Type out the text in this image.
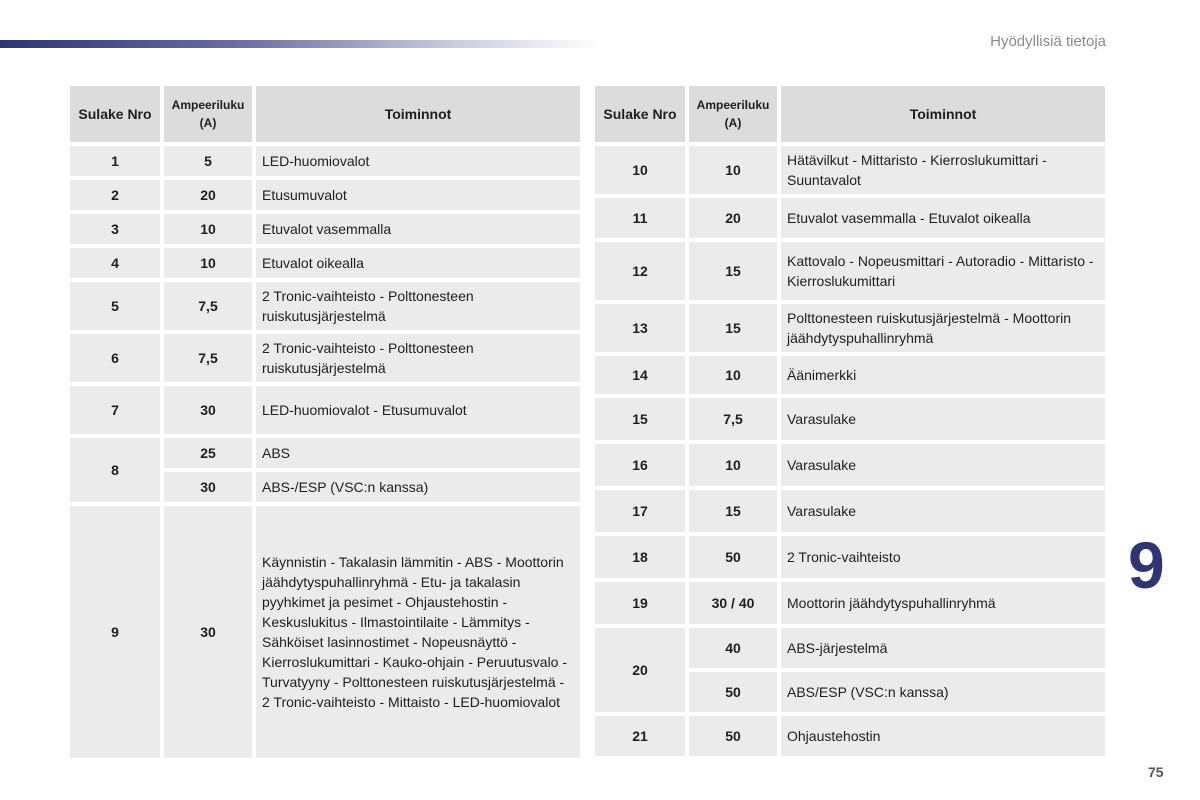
Hyödyllisiä tietoja
Sulake Nro	Ampeeriluku (A)	Toiminnot
1	5	LED-huomiovalot
2	20	Etusumuvalot
3	10	Etuvalot vasemmalla
4	10	Etuvalot oikealla
5	7,5	2 Tronic-vaihteisto - Polttonesteen ruiskutusjärjestelmä
6	7,5	2 Tronic-vaihteisto - Polttonesteen ruiskutusjärjestelmä
7	30	LED-huomiovalot - Etusumuvalot
8	25	ABS
	30	ABS-/ESP (VSC:n kanssa)
9	30	Käynnistin - Takalasin lämmitin - ABS - Moottorin jäähdytyspuhallinryhmä - Etu- ja takalasin pyyhkimet ja pesimet - Ohjaustehostin - Keskuslukitus - Ilmastointilaite - Lämmitys - Sähköiset lasinnostimet - Nopeusnäyttö - Kierroslukumittari - Kauko-ohjain - Peruutusvalo - Turvatyyny - Polttonesteen ruiskutusjärjestelmä - 2 Tronic-vaihteisto - Mittaisto - LED-huomiovalot
Sulake Nro	Ampeeriluku (A)	Toiminnot
10	10	Hätävilkut - Mittaristo - Kierroslukumittari - Suuntavalot
11	20	Etuvalot vasemmalla - Etuvalot oikealla
12	15	Kattovalo - Nopeusmittari - Autoradio - Mittaristo - Kierroslukumittari
13	15	Polttonesteen ruiskutusjärjestelmä - Moottorin jäähdytyspuhallinryhmä
14	10	Äänimerkki
15	7,5	Varasulake
16	10	Varasulake
17	15	Varasulake
18	50	2 Tronic-vaihteisto
19	30 / 40	Moottorin jäähdytyspuhallinryhmä
20	40	ABS-järjestelmä
	50	ABS/ESP (VSC:n kanssa)
21	50	Ohjaustehostin
9
75
